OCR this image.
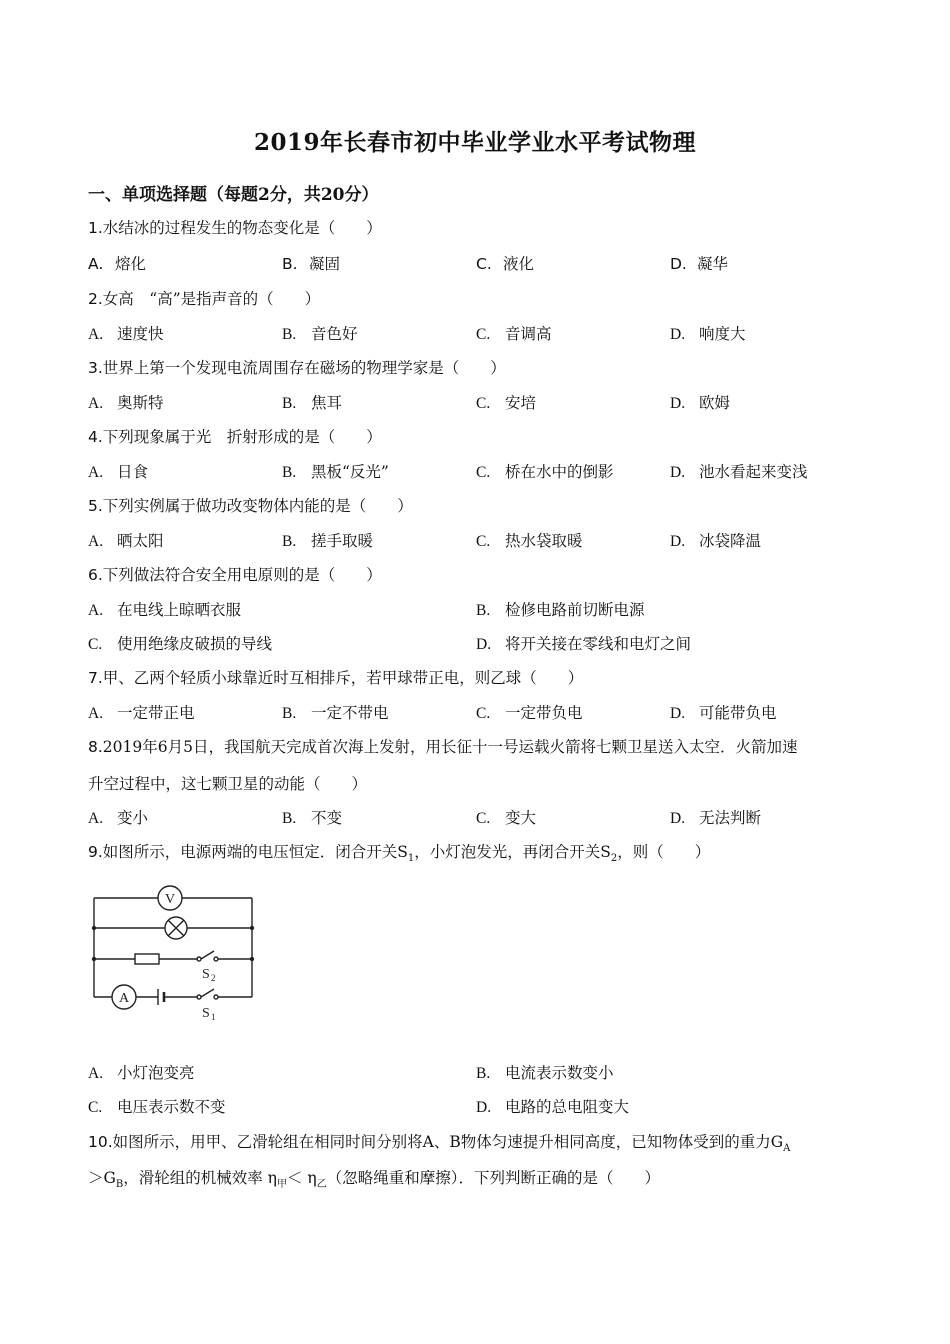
2019年长春市初中毕业学业水平考试物理
一、单项选择题（每题2分，共20分）
1.水结冰的过程发生的物态变化是（　　）
A. 熔化	B. 凝固	C. 液化	D. 凝华
2.女高　“高”是指声音的（　　）
A. 速度快	B. 音色好	C. 音调高	D. 响度大
3.世界上第一个发现电流周围存在磁场的物理学家是（　　）
A. 奥斯特	B. 焦耳	C. 安培	D. 欧姆
4.下列现象属于光　折射形成的是（　　）
A. 日食	B. 黑板“反光”	C. 桥在水中的倒影	D. 池水看起来变浅
5.下列实例属于做功改变物体内能的是（　　）
A. 晒太阳	B. 搓手取暖	C. 热水袋取暖	D. 冰袋降温
6.下列做法符合安全用电原则的是（　　）
A. 在电线上晾晒衣服	B. 检修电路前切断电源
C. 使用绝缘皮破损的导线	D. 将开关接在零线和电灯之间
7.甲、乙两个轻质小球靠近时互相排斥，若甲球带正电，则乙球（　　）
A. 一定带正电	B. 一定不带电	C. 一定带负电	D. 可能带负电
8.2019年6月5日，我国航天完成首次海上发射，用长征十一号运载火箭将七颗卫星送入太空．火箭加速
升空过程中，这七颗卫星的动能（　　）
A. 变小	B. 不变	C. 变大	D. 无法判断
9.如图所示，电源两端的电压恒定．闭合开关$S_1$，小灯泡发光，再闭合开关$S_2$，则（　　）
V
A
S 2
S 1
A. 小灯泡变亮	B. 电流表示数变小
C. 电压表示数不变	D. 电路的总电阻变大
10.如图所示，用甲、乙滑轮组在相同时间分别将A、B物体匀速提升相同高度，已知物体受到的重力$G_A$
$>G_B$，滑轮组的机械效率 $\eta_甲< \eta_乙$（忽略绳重和摩擦）．下列判断正确的是（　　）
